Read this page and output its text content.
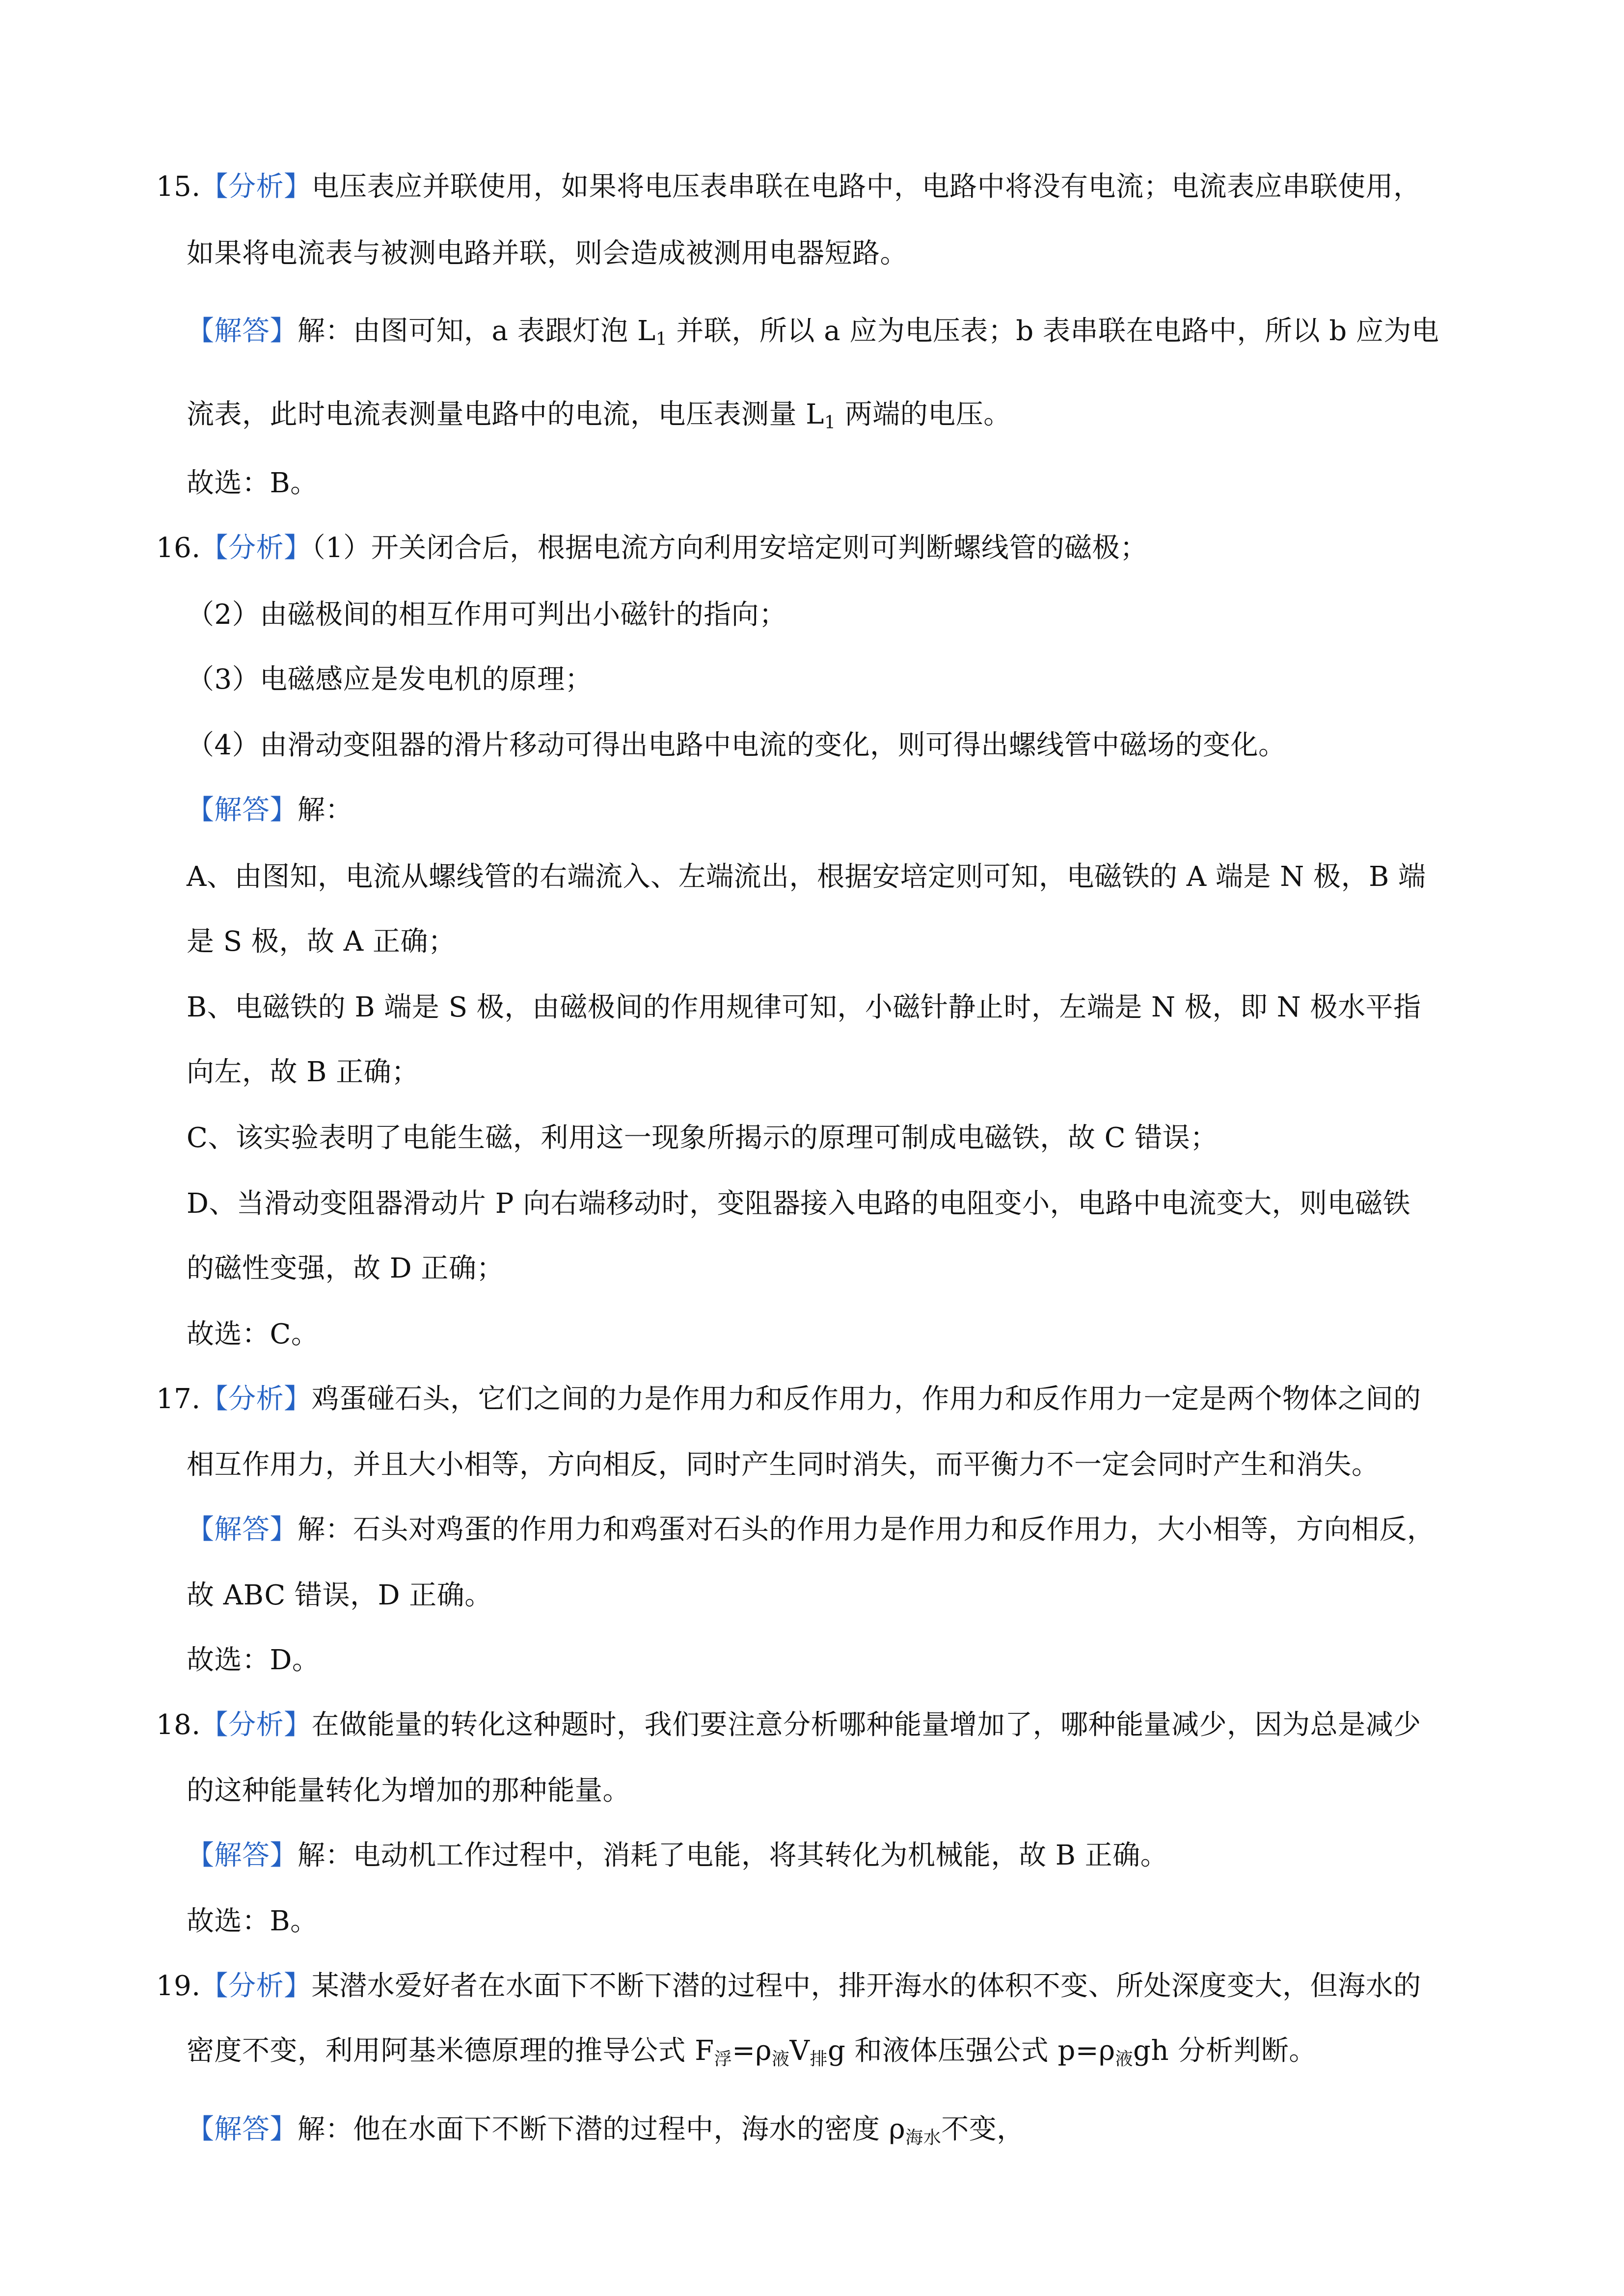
15.【分析】电压表应并联使用，如果将电压表串联在电路中，电路中将没有电流；电流表应串联使用，
如果将电流表与被测电路并联，则会造成被测用电器短路。
【解答】解：由图可知，a 表跟灯泡 $L_1$ 并联，所以 a 应为电压表；b 表串联在电路中，所以 b 应为电
流表，此时电流表测量电路中的电流，电压表测量 $L_1$ 两端的电压。
故选：B。
16.【分析】（1）开关闭合后，根据电流方向利用安培定则可判断螺线管的磁极；
（2）由磁极间的相互作用可判出小磁针的指向；
（3）电磁感应是发电机的原理；
（4）由滑动变阻器的滑片移动可得出电路中电流的变化，则可得出螺线管中磁场的变化。
【解答】解：
A、由图知，电流从螺线管的右端流入、左端流出，根据安培定则可知，电磁铁的 A 端是 N 极，B 端
是 S 极，故 A 正确；
B、电磁铁的 B 端是 S 极，由磁极间的作用规律可知，小磁针静止时，左端是 N 极，即 N 极水平指
向左，故 B 正确；
C、该实验表明了电能生磁，利用这一现象所揭示的原理可制成电磁铁，故 C 错误；
D、当滑动变阻器滑动片 P 向右端移动时，变阻器接入电路的电阻变小，电路中电流变大，则电磁铁
的磁性变强，故 D 正确；
故选：C。
17.【分析】鸡蛋碰石头，它们之间的力是作用力和反作用力，作用力和反作用力一定是两个物体之间的
相互作用力，并且大小相等，方向相反，同时产生同时消失，而平衡力不一定会同时产生和消失。
【解答】解：石头对鸡蛋的作用力和鸡蛋对石头的作用力是作用力和反作用力，大小相等，方向相反，
故 ABC 错误，D 正确。
故选：D。
18.【分析】在做能量的转化这种题时，我们要注意分析哪种能量增加了，哪种能量减少，因为总是减少
的这种能量转化为增加的那种能量。
【解答】解：电动机工作过程中，消耗了电能，将其转化为机械能，故 B 正确。
故选：B。
19.【分析】某潜水爱好者在水面下不断下潜的过程中，排开海水的体积不变、所处深度变大，但海水的
密度不变，利用阿基米德原理的推导公式 $F_浮=\rho_液V_排g$ 和液体压强公式 $p=\rho_液gh$ 分析判断。
【解答】解：他在水面下不断下潜的过程中，海水的密度 $\rho_{海水}$不变，
